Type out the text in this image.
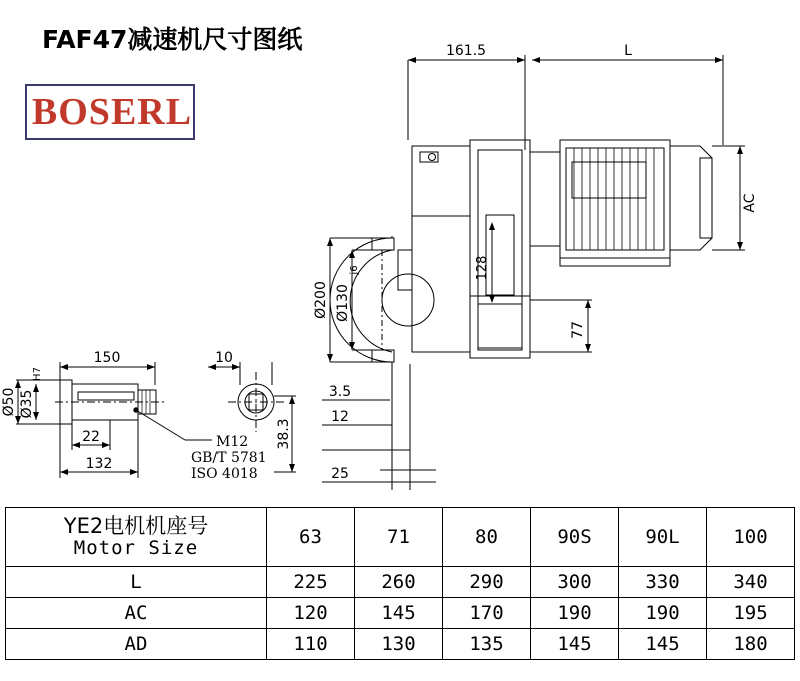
FAF47减速机尺寸图纸
BOSERL
161.5	L
AC
128
77
Ø200 Ø130
j6
3.5
12
25
150	10
22
132
Ø50 Ø35
H7
38.3
M12
GB/T 5781
ISO 4018
YE2电机机座号
Motor Size	63	71	80	90S	90L	100
L	225	260	290	300	330	340
AC	120	145	170	190	190	195
AD	110	130	135	145	145	180
